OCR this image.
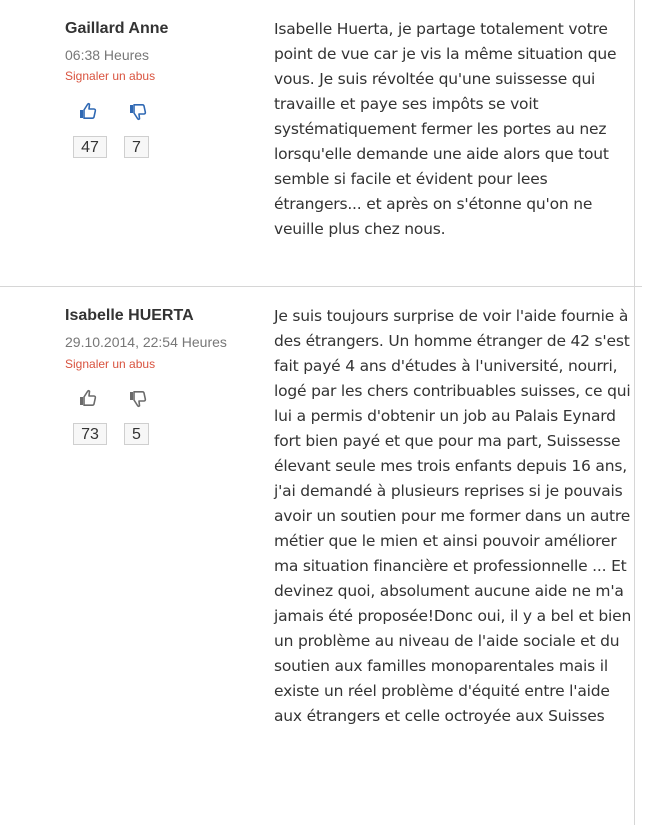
Gaillard Anne
06:38 Heures
Signaler un abus
47	7

Isabelle Huerta, je partage totalement votre point de vue car je vis la même situation que vous. Je suis révoltée qu'une suissesse qui travaille et paye ses impôts se voit systématiquement fermer les portes au nez lorsqu'elle demande une aide alors que tout semble si facile et évident pour lees étrangers... et après on s'étonne qu'on ne veuille plus chez nous.

Isabelle HUERTA
29.10.2014, 22:54 Heures
Signaler un abus
73	5

Je suis toujours surprise de voir l'aide fournie à des étrangers. Un homme étranger de 42 s'est fait payé 4 ans d'études à l'université, nourri, logé par les chers contribuables suisses, ce qui lui a permis d'obtenir un job au Palais Eynard fort bien payé et que pour ma part, Suissesse élevant seule mes trois enfants depuis 16 ans, j'ai demandé à plusieurs reprises si je pouvais avoir un soutien pour me former dans un autre métier que le mien et ainsi pouvoir améliorer ma situation financière et professionnelle ... Et devinez quoi, absolument aucune aide ne m'a jamais été proposée!Donc oui, il y a bel et bien un problème au niveau de l'aide sociale et du soutien aux familles monoparentales mais il existe un réel problème d'équité entre l'aide aux étrangers et celle octroyée aux Suisses
